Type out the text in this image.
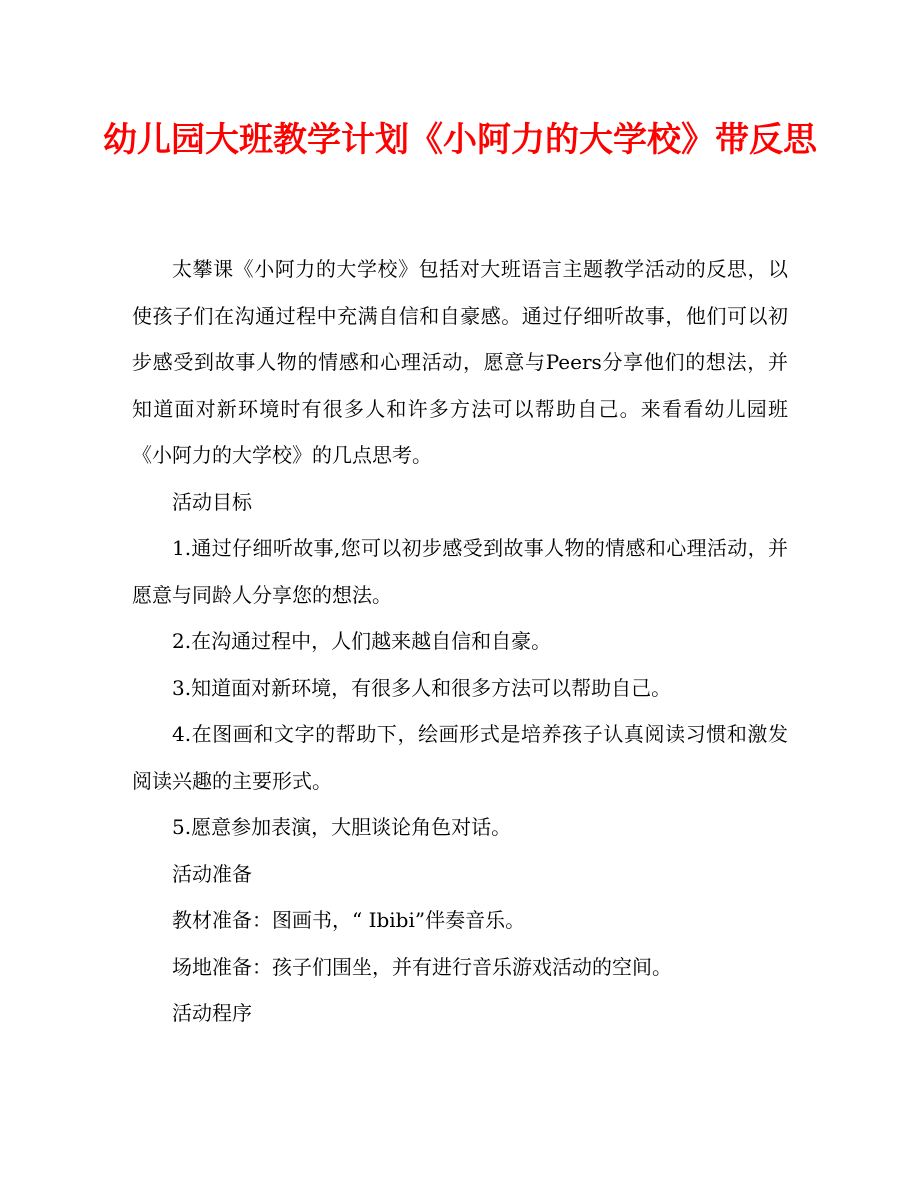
幼儿园大班教学计划《小阿力的大学校》带反思

太攀课《小阿力的大学校》包括对大班语言主题教学活动的反思，以使孩子们在沟通过程中充满自信和自豪感。通过仔细听故事，他们可以初步感受到故事人物的情感和心理活动，愿意与Peers分享他们的想法，并知道面对新环境时有很多人和许多方法可以帮助自己。来看看幼儿园班《小阿力的大学校》的几点思考。

活动目标

1.通过仔细听故事,您可以初步感受到故事人物的情感和心理活动，并愿意与同龄人分享您的想法。

2.在沟通过程中，人们越来越自信和自豪。

3.知道面对新环境，有很多人和很多方法可以帮助自己。

4.在图画和文字的帮助下，绘画形式是培养孩子认真阅读习惯和激发阅读兴趣的主要形式。

5.愿意参加表演，大胆谈论角色对话。

活动准备

教材准备：图画书，“ Ibibi”伴奏音乐。

场地准备：孩子们围坐，并有进行音乐游戏活动的空间。

活动程序
